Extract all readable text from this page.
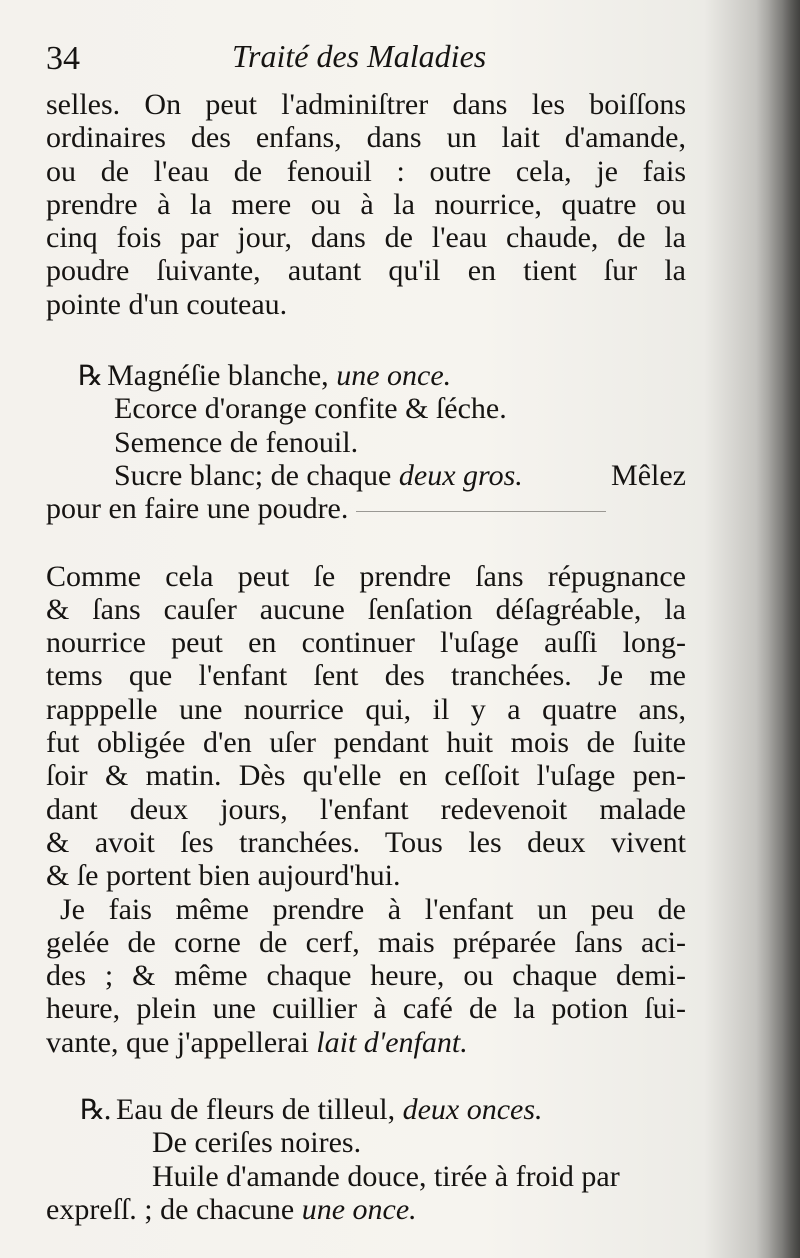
34	Traité des Maladies
selles. On peut l'adminiſtrer dans les boiſſons
ordinaires des enfans, dans un lait d'amande,
ou de l'eau de fenouil : outre cela, je fais
prendre à la mere ou à la nourrice, quatre ou
cinq fois par jour, dans de l'eau chaude, de la
poudre ſuivante, autant qu'il en tient ſur la
pointe d'un couteau.
℞ Magnéſie blanche, une once.
Ecorce d'orange confite & ſéche.
Semence de fenouil.
Sucre blanc; de chaque deux gros.	Mêlez
pour en faire une poudre.
Comme cela peut ſe prendre ſans répugnance
& ſans cauſer aucune ſenſation déſagréable, la
nourrice peut en continuer l'uſage auſſi long-
tems que l'enfant ſent des tranchées. Je me
rapppelle une nourrice qui, il y a quatre ans,
fut obligée d'en uſer pendant huit mois de ſuite
ſoir & matin. Dès qu'elle en ceſſoit l'uſage pen-
dant deux jours, l'enfant redevenoit malade
& avoit ſes tranchées. Tous les deux vivent
& ſe portent bien aujourd'hui.
Je fais même prendre à l'enfant un peu de
gelée de corne de cerf, mais préparée ſans aci-
des ; & même chaque heure, ou chaque demi-
heure, plein une cuillier à café de la potion ſui-
vante, que j'appellerai lait d'enfant.
℞. Eau de fleurs de tilleul, deux onces.
De ceriſes noires.
Huile d'amande douce, tirée à froid par
expreſſ. ; de chacune une once.
